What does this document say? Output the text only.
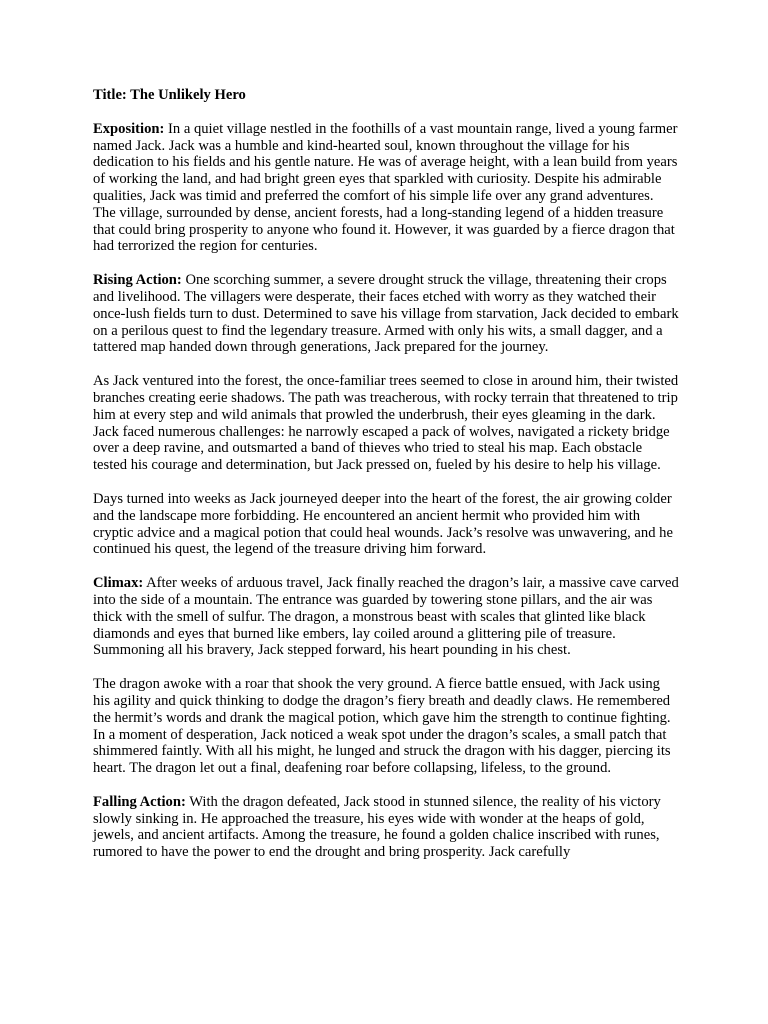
Title: The Unlikely Hero

Exposition: In a quiet village nestled in the foothills of a vast mountain range, lived a young farmer named Jack. Jack was a humble and kind-hearted soul, known throughout the village for his dedication to his fields and his gentle nature. He was of average height, with a lean build from years of working the land, and had bright green eyes that sparkled with curiosity. Despite his admirable qualities, Jack was timid and preferred the comfort of his simple life over any grand adventures. The village, surrounded by dense, ancient forests, had a long-standing legend of a hidden treasure that could bring prosperity to anyone who found it. However, it was guarded by a fierce dragon that had terrorized the region for centuries.

Rising Action: One scorching summer, a severe drought struck the village, threatening their crops and livelihood. The villagers were desperate, their faces etched with worry as they watched their once-lush fields turn to dust. Determined to save his village from starvation, Jack decided to embark on a perilous quest to find the legendary treasure. Armed with only his wits, a small dagger, and a tattered map handed down through generations, Jack prepared for the journey.

As Jack ventured into the forest, the once-familiar trees seemed to close in around him, their twisted branches creating eerie shadows. The path was treacherous, with rocky terrain that threatened to trip him at every step and wild animals that prowled the underbrush, their eyes gleaming in the dark. Jack faced numerous challenges: he narrowly escaped a pack of wolves, navigated a rickety bridge over a deep ravine, and outsmarted a band of thieves who tried to steal his map. Each obstacle tested his courage and determination, but Jack pressed on, fueled by his desire to help his village.

Days turned into weeks as Jack journeyed deeper into the heart of the forest, the air growing colder and the landscape more forbidding. He encountered an ancient hermit who provided him with cryptic advice and a magical potion that could heal wounds. Jack’s resolve was unwavering, and he continued his quest, the legend of the treasure driving him forward.

Climax: After weeks of arduous travel, Jack finally reached the dragon’s lair, a massive cave carved into the side of a mountain. The entrance was guarded by towering stone pillars, and the air was thick with the smell of sulfur. The dragon, a monstrous beast with scales that glinted like black diamonds and eyes that burned like embers, lay coiled around a glittering pile of treasure. Summoning all his bravery, Jack stepped forward, his heart pounding in his chest.

The dragon awoke with a roar that shook the very ground. A fierce battle ensued, with Jack using his agility and quick thinking to dodge the dragon’s fiery breath and deadly claws. He remembered the hermit’s words and drank the magical potion, which gave him the strength to continue fighting. In a moment of desperation, Jack noticed a weak spot under the dragon’s scales, a small patch that shimmered faintly. With all his might, he lunged and struck the dragon with his dagger, piercing its heart. The dragon let out a final, deafening roar before collapsing, lifeless, to the ground.

Falling Action: With the dragon defeated, Jack stood in stunned silence, the reality of his victory slowly sinking in. He approached the treasure, his eyes wide with wonder at the heaps of gold, jewels, and ancient artifacts. Among the treasure, he found a golden chalice inscribed with runes, rumored to have the power to end the drought and bring prosperity. Jack carefully
